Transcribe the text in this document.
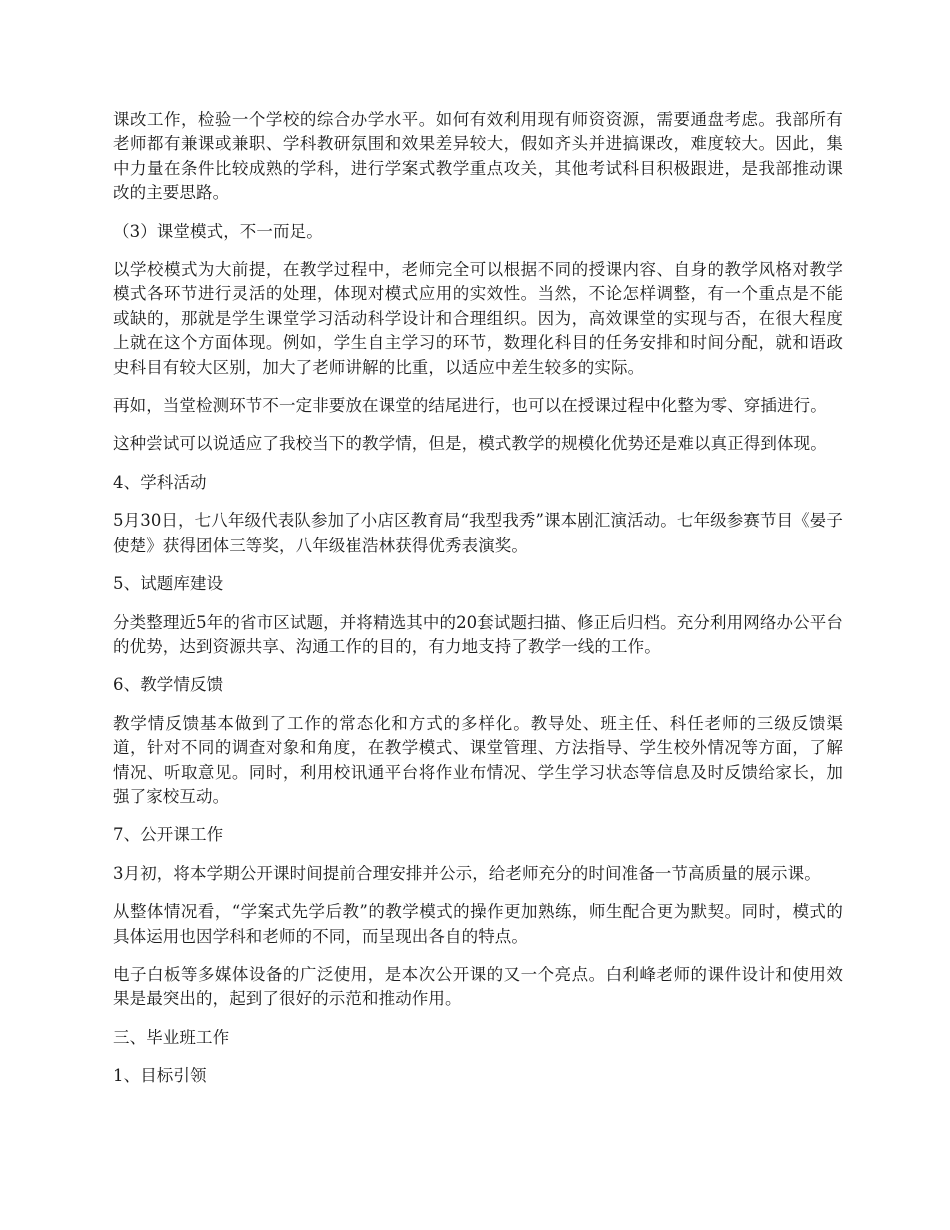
课改工作，检验一个学校的综合办学水平。如何有效利用现有师资资源，需要通盘考虑。我部所有老师都有兼课或兼职、学科教研氛围和效果差异较大，假如齐头并进搞课改，难度较大。因此，集中力量在条件比较成熟的学科，进行学案式教学重点攻关，其他考试科目积极跟进，是我部推动课改的主要思路。

（3）课堂模式，不一而足。

以学校模式为大前提，在教学过程中，老师完全可以根据不同的授课内容、自身的教学风格对教学模式各环节进行灵活的处理，体现对模式应用的实效性。当然，不论怎样调整，有一个重点是不能或缺的，那就是学生课堂学习活动科学设计和合理组织。因为，高效课堂的实现与否，在很大程度上就在这个方面体现。例如，学生自主学习的环节，数理化科目的任务安排和时间分配，就和语政史科目有较大区别，加大了老师讲解的比重，以适应中差生较多的实际。

再如，当堂检测环节不一定非要放在课堂的结尾进行，也可以在授课过程中化整为零、穿插进行。

这种尝试可以说适应了我校当下的教学情，但是，模式教学的规模化优势还是难以真正得到体现。

4、学科活动

5月30日，七八年级代表队参加了小店区教育局“我型我秀”课本剧汇演活动。七年级参赛节目《晏子使楚》获得团体三等奖，八年级崔浩林获得优秀表演奖。

5、试题库建设

分类整理近5年的省市区试题，并将精选其中的20套试题扫描、修正后归档。充分利用网络办公平台的优势，达到资源共享、沟通工作的目的，有力地支持了教学一线的工作。

6、教学情反馈

教学情反馈基本做到了工作的常态化和方式的多样化。教导处、班主任、科任老师的三级反馈渠道，针对不同的调查对象和角度，在教学模式、课堂管理、方法指导、学生校外情况等方面，了解情况、听取意见。同时，利用校讯通平台将作业布情况、学生学习状态等信息及时反馈给家长，加强了家校互动。

7、公开课工作

3月初，将本学期公开课时间提前合理安排并公示，给老师充分的时间准备一节高质量的展示课。

从整体情况看，“学案式先学后教”的教学模式的操作更加熟练，师生配合更为默契。同时，模式的具体运用也因学科和老师的不同，而呈现出各自的特点。

电子白板等多媒体设备的广泛使用，是本次公开课的又一个亮点。白利峰老师的课件设计和使用效果是最突出的，起到了很好的示范和推动作用。

三、毕业班工作

1、目标引领
